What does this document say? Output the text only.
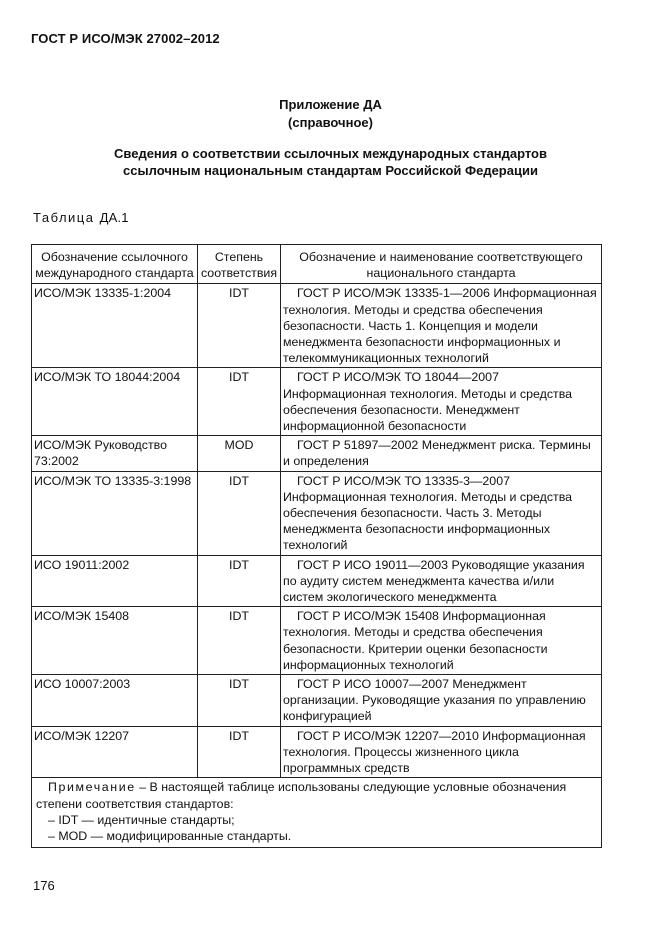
ГОСТ Р ИСО/МЭК 27002–2012
Приложение ДА
(справочное)
Сведения о соответствии ссылочных международных стандартов
ссылочным национальным стандартам Российской Федерации
Таблица ДА.1
Обозначение ссылочного международного стандарта	Степень соответствия	Обозначение и наименование соответствующего национального стандарта
ИСО/МЭК 13335-1:2004	IDT	ГОСТ Р ИСО/МЭК 13335-1—2006 Информационная технология. Методы и средства обеспечения безопасности. Часть 1. Концепция и модели менеджмента безопасности информационных и телекоммуникационных технологий
ИСО/МЭК ТО 18044:2004	IDT	ГОСТ Р ИСО/МЭК ТО 18044—2007 Информационная технология. Методы и средства обеспечения безопасности. Менеджмент информационной безопасности
ИСО/МЭК Руководство 73:2002	MOD	ГОСТ Р 51897—2002 Менеджмент риска. Термины и определения
ИСО/МЭК ТО 13335-3:1998	IDT	ГОСТ Р ИСО/МЭК ТО 13335-3—2007 Информационная технология. Методы и средства обеспечения безопасности. Часть 3. Методы менеджмента безопасности информационных технологий
ИСО 19011:2002	IDT	ГОСТ Р ИСО 19011—2003 Руководящие указания по аудиту систем менеджмента качества и/или систем экологического менеджмента
ИСО/МЭК 15408	IDT	ГОСТ Р ИСО/МЭК 15408 Информационная технология. Методы и средства обеспечения безопасности. Критерии оценки безопасности информационных технологий
ИСО 10007:2003	IDT	ГОСТ Р ИСО 10007—2007 Менеджмент организации. Руководящие указания по управлению конфигурацией
ИСО/МЭК 12207	IDT	ГОСТ Р ИСО/МЭК 12207—2010 Информационная технология. Процессы жизненного цикла программных средств

Примечание – В настоящей таблице использованы следующие условные обозначения степени соответствия стандартов:
– IDT — идентичные стандарты;
– MOD — модифицированные стандарты.		
176
